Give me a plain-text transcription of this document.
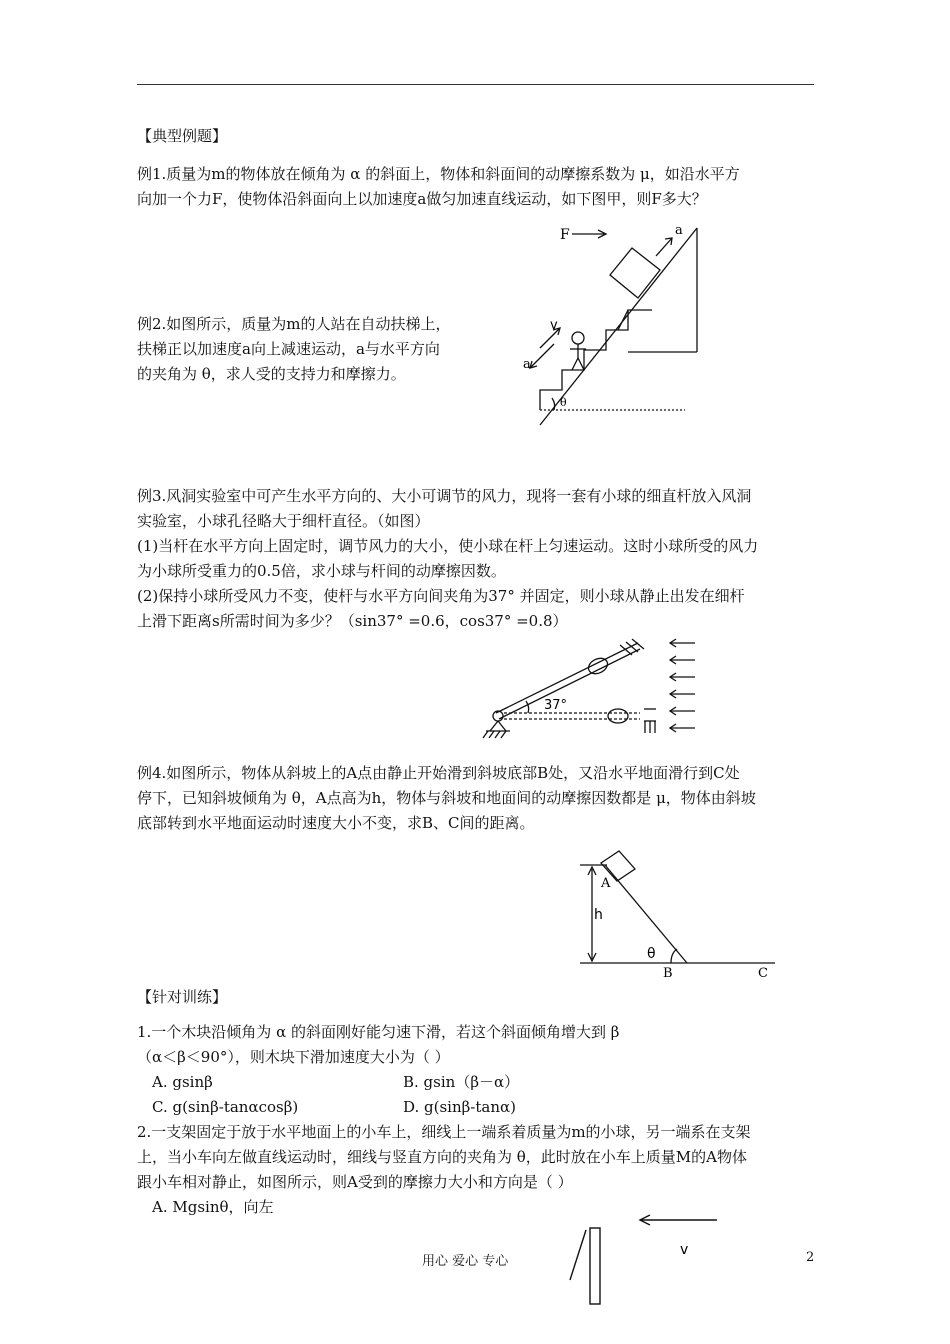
【典型例题】
例1.质量为m的物体放在倾角为 α 的斜面上，物体和斜面间的动摩擦系数为 μ，如沿水平方
向加一个力F，使物体沿斜面向上以加速度a做匀加速直线运动，如下图甲，则F多大？
F	a
v
a
θ
例2.如图所示，质量为m的人站在自动扶梯上，
扶梯正以加速度a向上减速运动，a与水平方向
的夹角为 θ，求人受的支持力和摩擦力。
例3.风洞实验室中可产生水平方向的、大小可调节的风力，现将一套有小球的细直杆放入风洞
实验室，小球孔径略大于细杆直径。（如图）
(1)当杆在水平方向上固定时，调节风力的大小，使小球在杆上匀速运动。这时小球所受的风力
为小球所受重力的0.5倍，求小球与杆间的动摩擦因数。
(2)保持小球所受风力不变，使杆与水平方向间夹角为37° 并固定，则小球从静止出发在细杆
上滑下距离s所需时间为多少？（sin37° =0.6，cos37° =0.8）
37°
例4.如图所示，物体从斜坡上的A点由静止开始滑到斜坡底部B处，又沿水平地面滑行到C处
停下，已知斜坡倾角为 θ，A点高为h，物体与斜坡和地面间的动摩擦因数都是 μ，物体由斜坡
底部转到水平地面运动时速度大小不变，求B、C间的距离。
A
h
θ
B	C
【针对训练】
1.一个木块沿倾角为 α 的斜面刚好能匀速下滑，若这个斜面倾角增大到 β
（α＜β＜90°），则木块下滑加速度大小为（ ）
A. gsinβ	B. gsin（β－α）
C. g(sinβ-tanαcosβ)	D. g(sinβ-tanα)
2.一支架固定于放于水平地面上的小车上，细线上一端系着质量为m的小球，另一端系在支架
上，当小车向左做直线运动时，细线与竖直方向的夹角为 θ，此时放在小车上质量M的A物体
跟小车相对静止，如图所示，则A受到的摩擦力大小和方向是（ ）
A. Mgsinθ，向左
v
用心 爱心 专心	2
